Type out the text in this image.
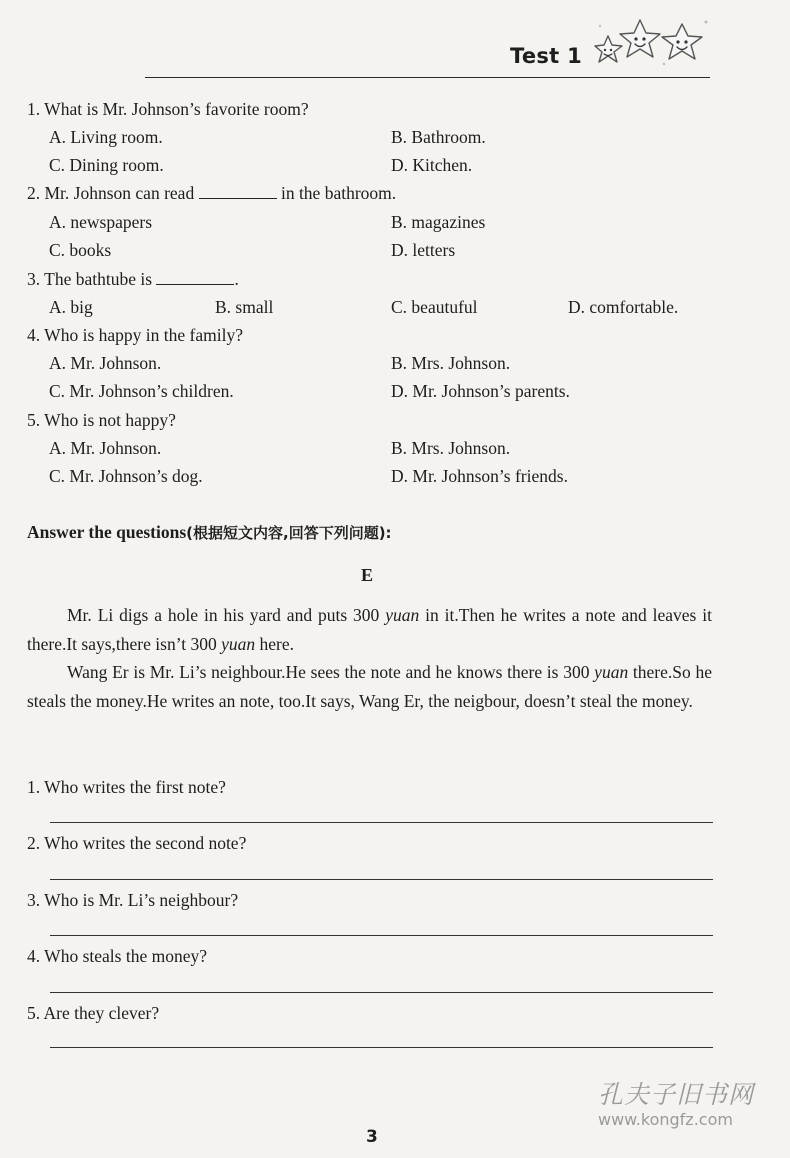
Test 1
1. What is Mr. Johnson’s favorite room?
A. Living room.	B. Bathroom.
C. Dining room.	D. Kitchen.
2. Mr. Johnson can read	in the bathroom.
A. newspapers	B. magazines
C. books	D. letters
3. The bathtube is	.
A. big	B. small	C. beautuful	D. comfortable.
4. Who is happy in the family?
A. Mr. Johnson.	B. Mrs. Johnson.
C. Mr. Johnson’s children.	D. Mr. Johnson’s parents.
5. Who is not happy?
A. Mr. Johnson.	B. Mrs. Johnson.
C. Mr. Johnson’s dog.	D. Mr. Johnson’s friends.
Answer the questions(根据短文内容,回答下列问题):
E

Mr. Li digs a hole in his yard and puts 300 yuan in it.Then he writes a note and leaves it there.It says,there isn’t 300 yuan here.

Wang Er is Mr. Li’s neighbour.He sees the note and he knows there is 300 yuan there.So he steals the money.He writes an note, too.It says, Wang Er, the neigbour, doesn’t steal the money.

1. Who writes the first note?
2. Who writes the second note?
3. Who is Mr. Li’s neighbour?
4. Who steals the money?
5. Are they clever?
3
孔夫子旧书网
www.kongfz.com
